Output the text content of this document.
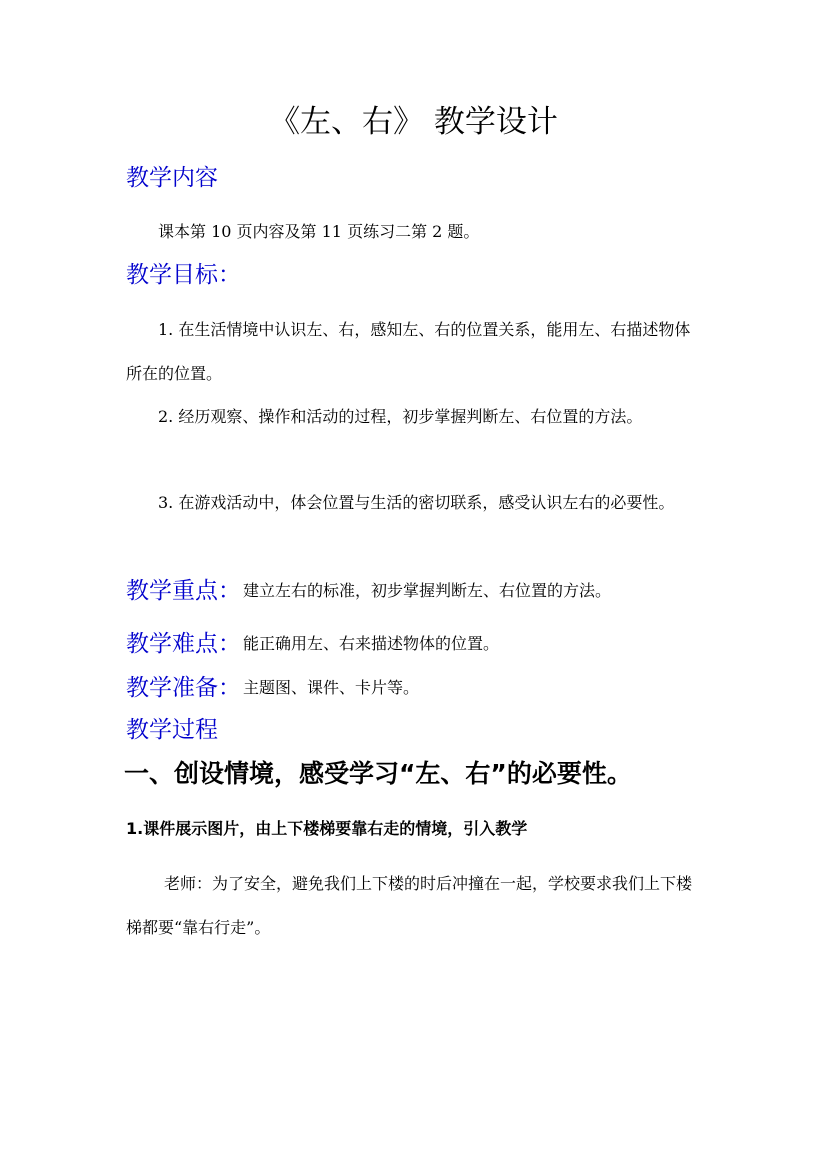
《左、右》 教学设计
教学内容

课本第 10 页内容及第 11 页练习二第 2 题。

教学目标：

1. 在生活情境中认识左、右，感知左、右的位置关系，能用左、右描述物体所在的位置。

2. 经历观察、操作和活动的过程，初步掌握判断左、右位置的方法。

3. 在游戏活动中，体会位置与生活的密切联系，感受认识左右的必要性。

教学重点： 建立左右的标准，初步掌握判断左、右位置的方法。
教学难点： 能正确用左、右来描述物体的位置。
教学准备： 主题图、课件、卡片等。
教学过程
一、创设情境，感受学习“左、右”的必要性。

1.课件展示图片，由上下楼梯要靠右走的情境，引入教学

老师：为了安全，避免我们上下楼的时后冲撞在一起，学校要求我们上下楼梯都要“靠右行走”。
